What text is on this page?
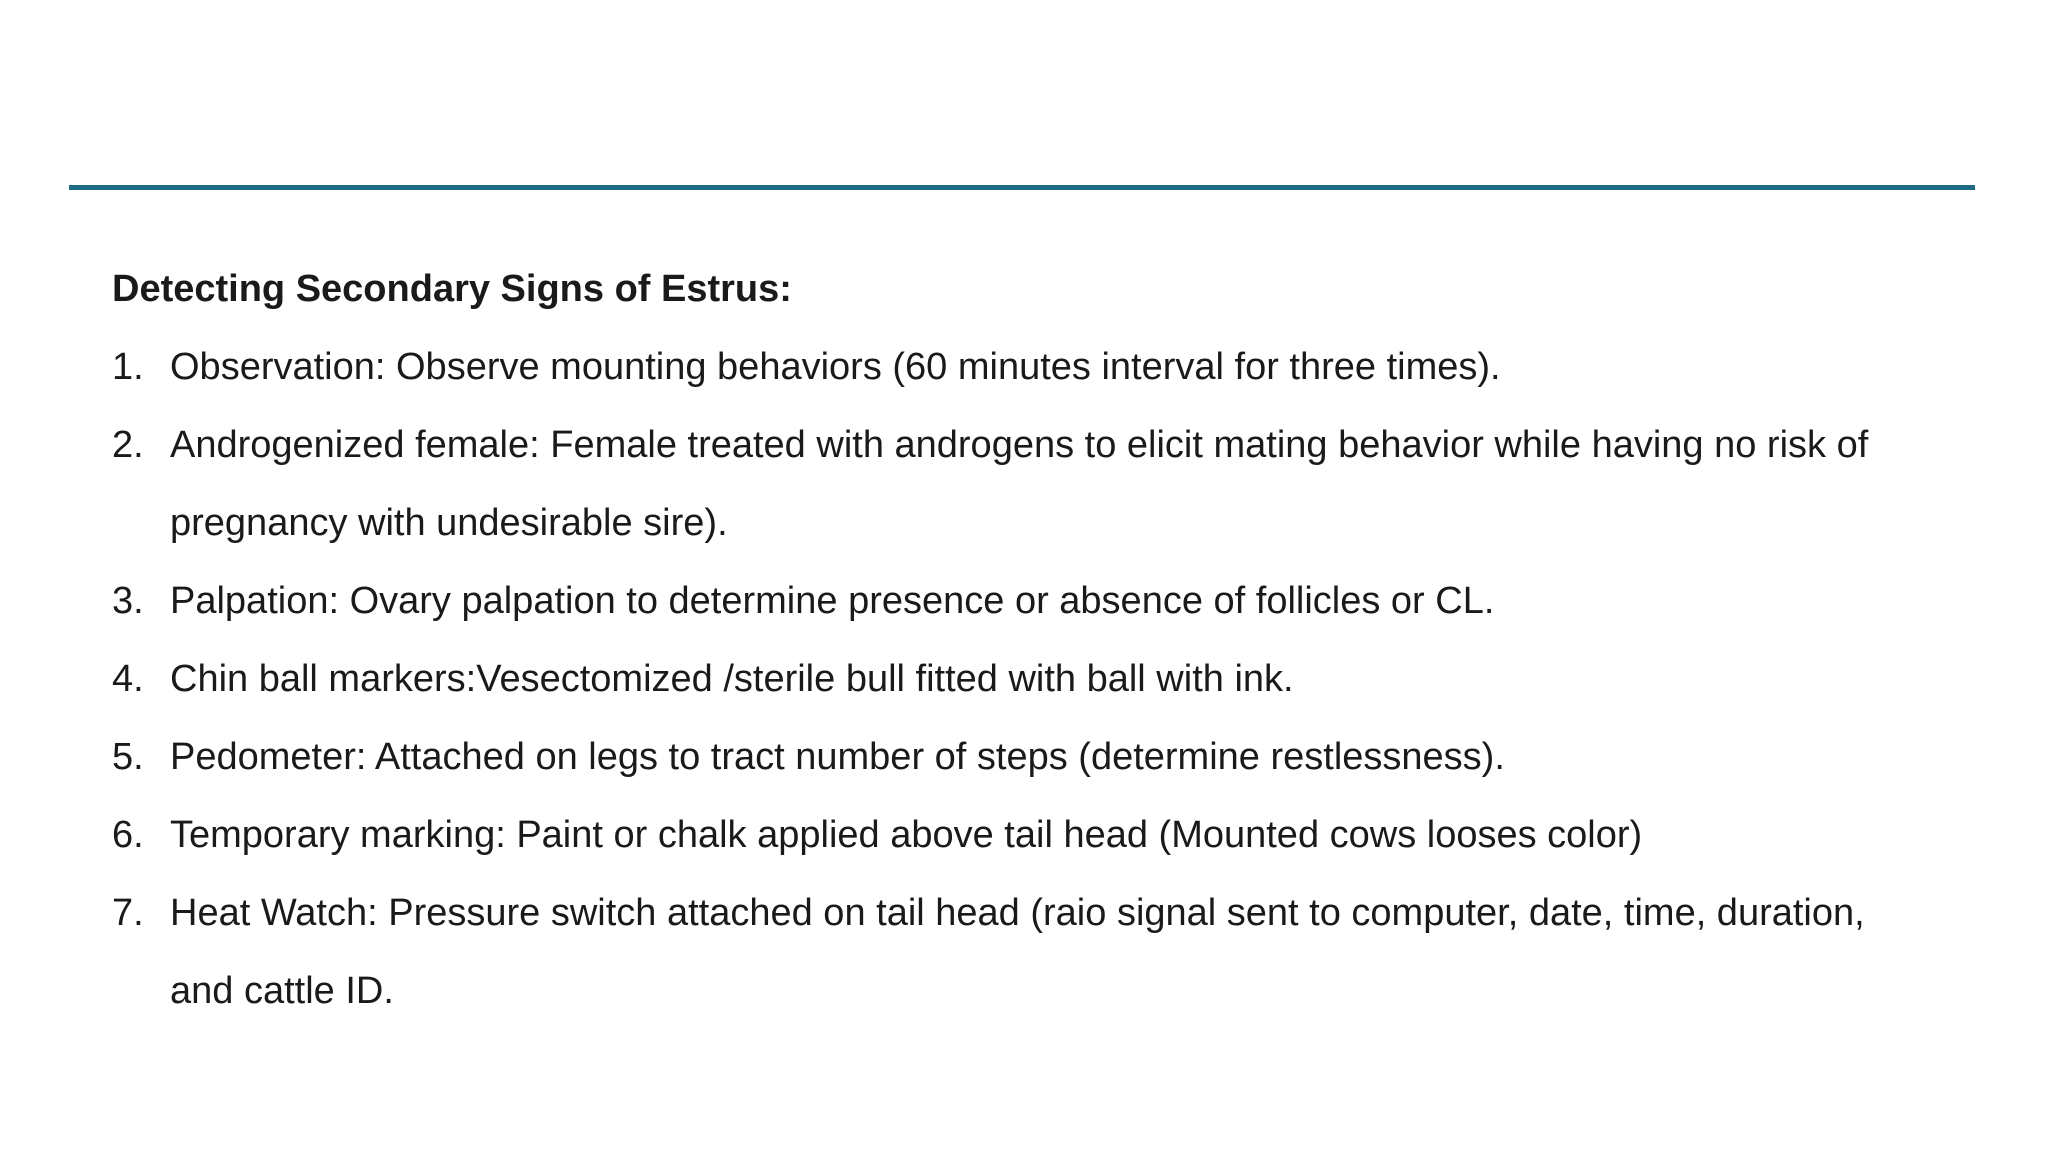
Detecting Secondary Signs of Estrus:

1. Observation: Observe mounting behaviors (60 minutes interval for three times).
2. Androgenized female: Female treated with androgens to elicit mating behavior while having no risk of pregnancy with undesirable sire).
3. Palpation: Ovary palpation to determine presence or absence of follicles or CL.
4. Chin ball markers:Vesectomized /sterile bull fitted with ball with ink.
5. Pedometer: Attached on legs to tract number of steps (determine restlessness).
6. Temporary marking: Paint or chalk applied above tail head (Mounted cows looses color)
7. Heat Watch: Pressure switch attached on tail head (raio signal sent to computer, date, time, duration, and cattle ID.
